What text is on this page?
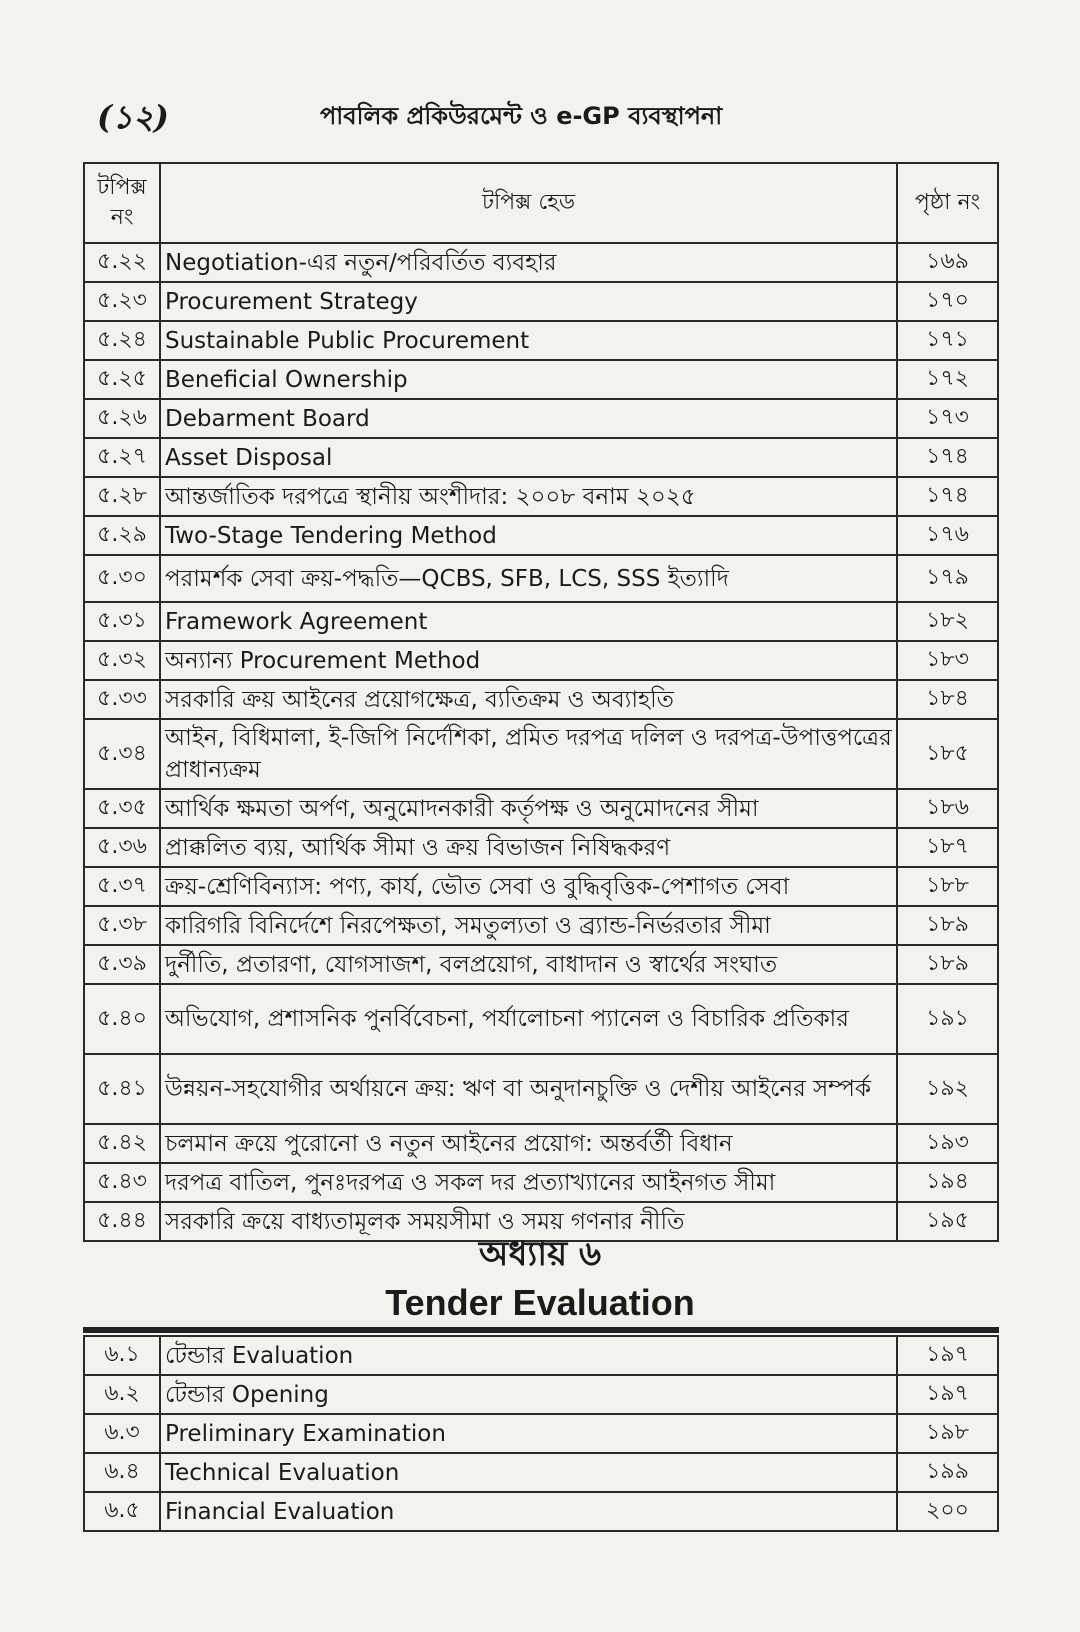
(১২)	পাবলিক প্রকিউরমেন্ট ও e-GP ব্যবস্থাপনা
টপিক্স নং	টপিক্স হেড	পৃষ্ঠা নং
৫.২২	Negotiation-এর নতুন/পরিবর্তিত ব্যবহার	১৬৯
৫.২৩	Procurement Strategy	১৭০
৫.২৪	Sustainable Public Procurement	১৭১
৫.২৫	Beneficial Ownership	১৭২
৫.২৬	Debarment Board	১৭৩
৫.২৭	Asset Disposal	১৭৪
৫.২৮	আন্তর্জাতিক দরপত্রে স্থানীয় অংশীদার: ২০০৮ বনাম ২০২৫	১৭৪
৫.২৯	Two-Stage Tendering Method	১৭৬
৫.৩০	পরামর্শক সেবা ক্রয়-পদ্ধতি—QCBS, SFB, LCS, SSS ইত্যাদি	১৭৯
৫.৩১	Framework Agreement	১৮২
৫.৩২	অন্যান্য Procurement Method	১৮৩
৫.৩৩	সরকারি ক্রয় আইনের প্রয়োগক্ষেত্র, ব্যতিক্রম ও অব্যাহতি	১৮৪
৫.৩৪	আইন, বিধিমালা, ই-জিপি নির্দেশিকা, প্রমিত দরপত্র দলিল ও দরপত্র-উপাত্তপত্রের প্রাধান্যক্রম	১৮৫
৫.৩৫	আর্থিক ক্ষমতা অর্পণ, অনুমোদনকারী কর্তৃপক্ষ ও অনুমোদনের সীমা	১৮৬
৫.৩৬	প্রাক্কলিত ব্যয়, আর্থিক সীমা ও ক্রয় বিভাজন নিষিদ্ধকরণ	১৮৭
৫.৩৭	ক্রয়-শ্রেণিবিন্যাস: পণ্য, কার্য, ভৌত সেবা ও বুদ্ধিবৃত্তিক-পেশাগত সেবা	১৮৮
৫.৩৮	কারিগরি বিনির্দেশে নিরপেক্ষতা, সমতুল্যতা ও ব্র্যান্ড-নির্ভরতার সীমা	১৮৯
৫.৩৯	দুর্নীতি, প্রতারণা, যোগসাজশ, বলপ্রয়োগ, বাধাদান ও স্বার্থের সংঘাত	১৮৯
৫.৪০	অভিযোগ, প্রশাসনিক পুনর্বিবেচনা, পর্যালোচনা প্যানেল ও বিচারিক প্রতিকার	১৯১
৫.৪১	উন্নয়ন-সহযোগীর অর্থায়নে ক্রয়: ঋণ বা অনুদানচুক্তি ও দেশীয় আইনের সম্পর্ক	১৯২
৫.৪২	চলমান ক্রয়ে পুরোনো ও নতুন আইনের প্রয়োগ: অন্তর্বর্তী বিধান	১৯৩
৫.৪৩	দরপত্র বাতিল, পুনঃদরপত্র ও সকল দর প্রত্যাখ্যানের আইনগত সীমা	১৯৪
৫.৪৪	সরকারি ক্রয়ে বাধ্যতামূলক সময়সীমা ও সময় গণনার নীতি	১৯৫
অধ্যায় ৬
Tender Evaluation
৬.১	টেন্ডার Evaluation	১৯৭
৬.২	টেন্ডার Opening	১৯৭
৬.৩	Preliminary Examination	১৯৮
৬.৪	Technical Evaluation	১৯৯
৬.৫	Financial Evaluation	২০০
